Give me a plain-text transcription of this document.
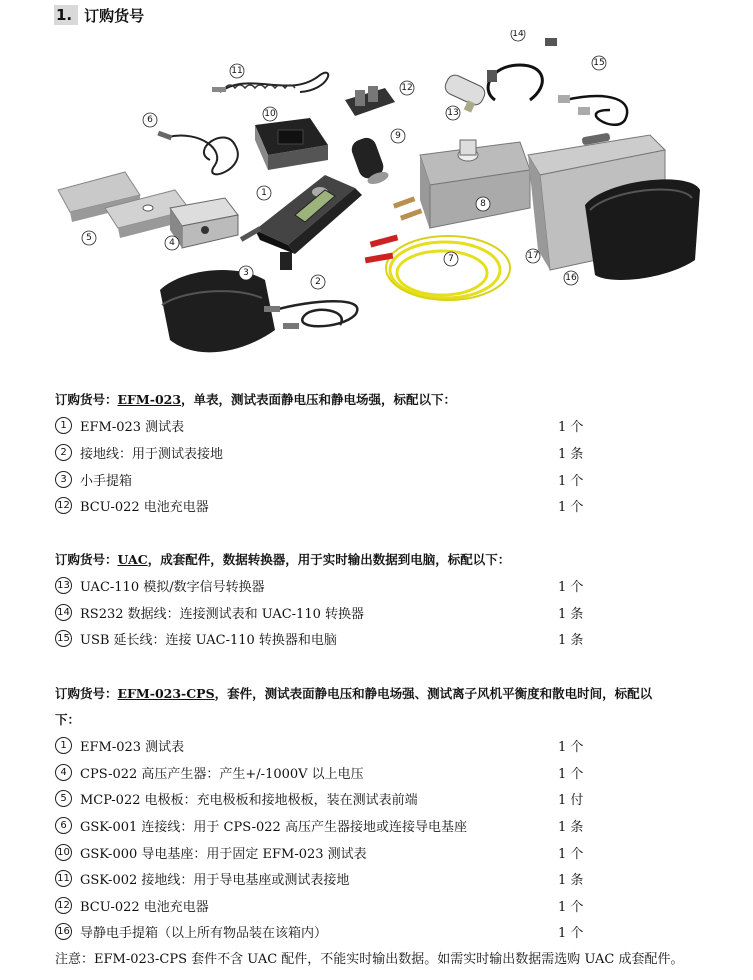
1. 订购货号
1
2
3
4
5
6
7
8
9
10
11
12
13
14
15
16
17
订购货号：EFM-023，单表，测试表面静电压和静电场强，标配以下：
1	EFM-023 测试表	1 个
2	接地线：用于测试表接地	1 条
3	小手提箱	1 个
12 BCU-022 电池充电器	1 个
订购货号：UAC，成套配件，数据转换器，用于实时输出数据到电脑，标配以下：
13 UAC-110 模拟/数字信号转换器	1 个
14 RS232 数据线：连接测试表和 UAC-110 转换器	1 条
15 USB 延长线：连接 UAC-110 转换器和电脑	1 条
订购货号：EFM-023-CPS，套件，测试表面静电压和静电场强、测试离子风机平衡度和散电时间，标配以
下：
1	EFM-023 测试表	1 个
4	CPS-022 高压产生器：产生+/-1000V 以上电压	1 个
5	MCP-022 电极板：充电极板和接地极板，装在测试表前端	1 付
6	GSK-001 连接线：用于 CPS-022 高压产生器接地或连接导电基座	1 条
10 GSK-000 导电基座：用于固定 EFM-023 测试表	1 个
11 GSK-002 接地线：用于导电基座或测试表接地	1 条
12 BCU-022 电池充电器	1 个
16 导静电手提箱（以上所有物品装在该箱内）	1 个
注意：EFM-023-CPS 套件不含 UAC 配件，不能实时输出数据。如需实时输出数据需选购 UAC 成套配件。
